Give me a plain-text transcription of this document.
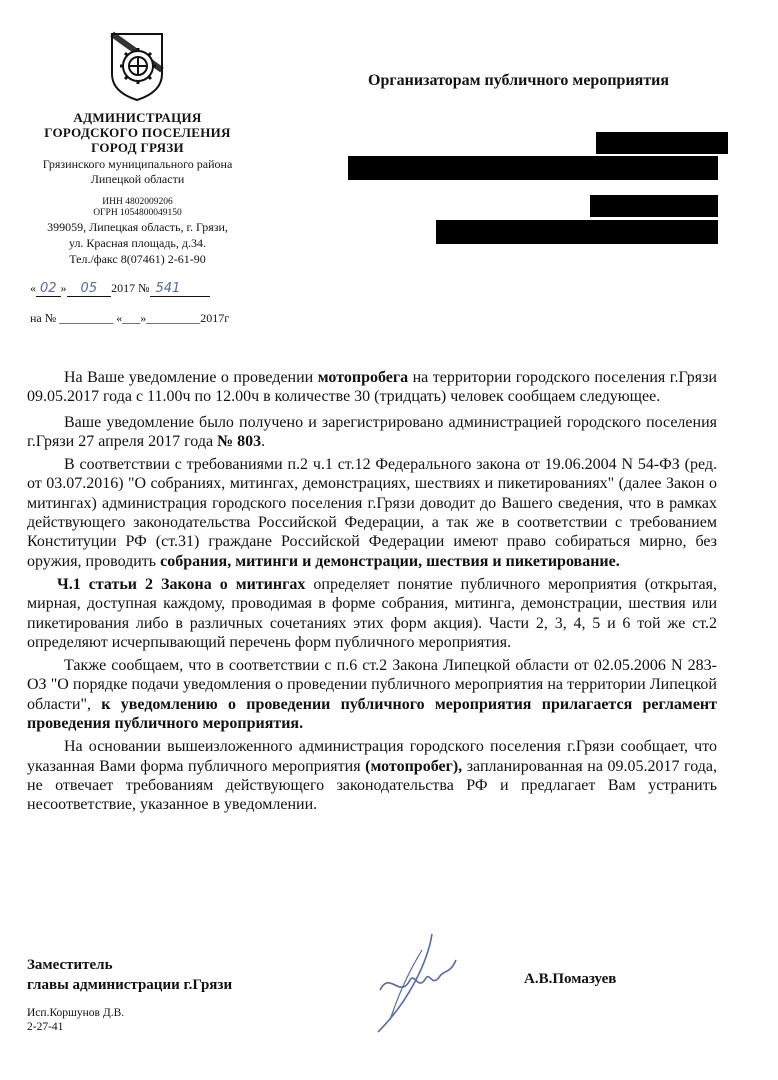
АДМИНИСТРАЦИЯ
ГОРОДСКОГО ПОСЕЛЕНИЯ
ГОРОД ГРЯЗИ
Грязинского муниципального района
Липецкой области
ИНН 4802009206
ОГРН 1054800049150
399059, Липецкая область, г. Грязи,
ул. Красная площадь, д.34.
Тел./факс 8(07461) 2-61-90
« 02 » 05 2017 № 541
на № _________ «___»_________2017г
Организаторам публичного мероприятия

На Ваше уведомление о проведении мотопробега на территории городского поселения г.Грязи 09.05.2017 года с 11.00ч по 12.00ч в количестве 30 (тридцать) человек сообщаем следующее.

Ваше уведомление было получено и зарегистрировано администрацией городского поселения г.Грязи 27 апреля 2017 года № 803.

В соответствии с требованиями п.2 ч.1 ст.12 Федерального закона от 19.06.2004 N 54-ФЗ (ред. от 03.07.2016) "О собраниях, митингах, демонстрациях, шествиях и пикетированиях" (далее Закон о митингах) администрация городского поселения г.Грязи доводит до Вашего сведения, что в рамках действующего законодательства Российской Федерации, а так же в соответствии с требованием Конституции РФ (ст.31) граждане Российской Федерации имеют право собираться мирно, без оружия, проводить собрания, митинги и демонстрации, шествия и пикетирование.

Ч.1 статьи 2 Закона о митингах определяет понятие публичного мероприятия (открытая, мирная, доступная каждому, проводимая в форме собрания, митинга, демонстрации, шествия или пикетирования либо в различных сочетаниях этих форм акция). Части 2, 3, 4, 5 и 6 той же ст.2 определяют исчерпывающий перечень форм публичного мероприятия.

Также сообщаем, что в соответствии с п.6 ст.2 Закона Липецкой области от 02.05.2006 N 283-ОЗ "О порядке подачи уведомления о проведении публичного мероприятия на территории Липецкой области", к уведомлению о проведении публичного мероприятия прилагается регламент проведения публичного мероприятия.

На основании вышеизложенного администрация городского поселения г.Грязи сообщает, что указанная Вами форма публичного мероприятия (мотопробег), запланированная на 09.05.2017 года, не отвечает требованиям действующего законодательства РФ и предлагает Вам устранить несоответствие, указанное в уведомлении.

Заместитель
главы администрации г.Грязи	А.В.Помазуев
Исп.Коршунов Д.В.
2-27-41
